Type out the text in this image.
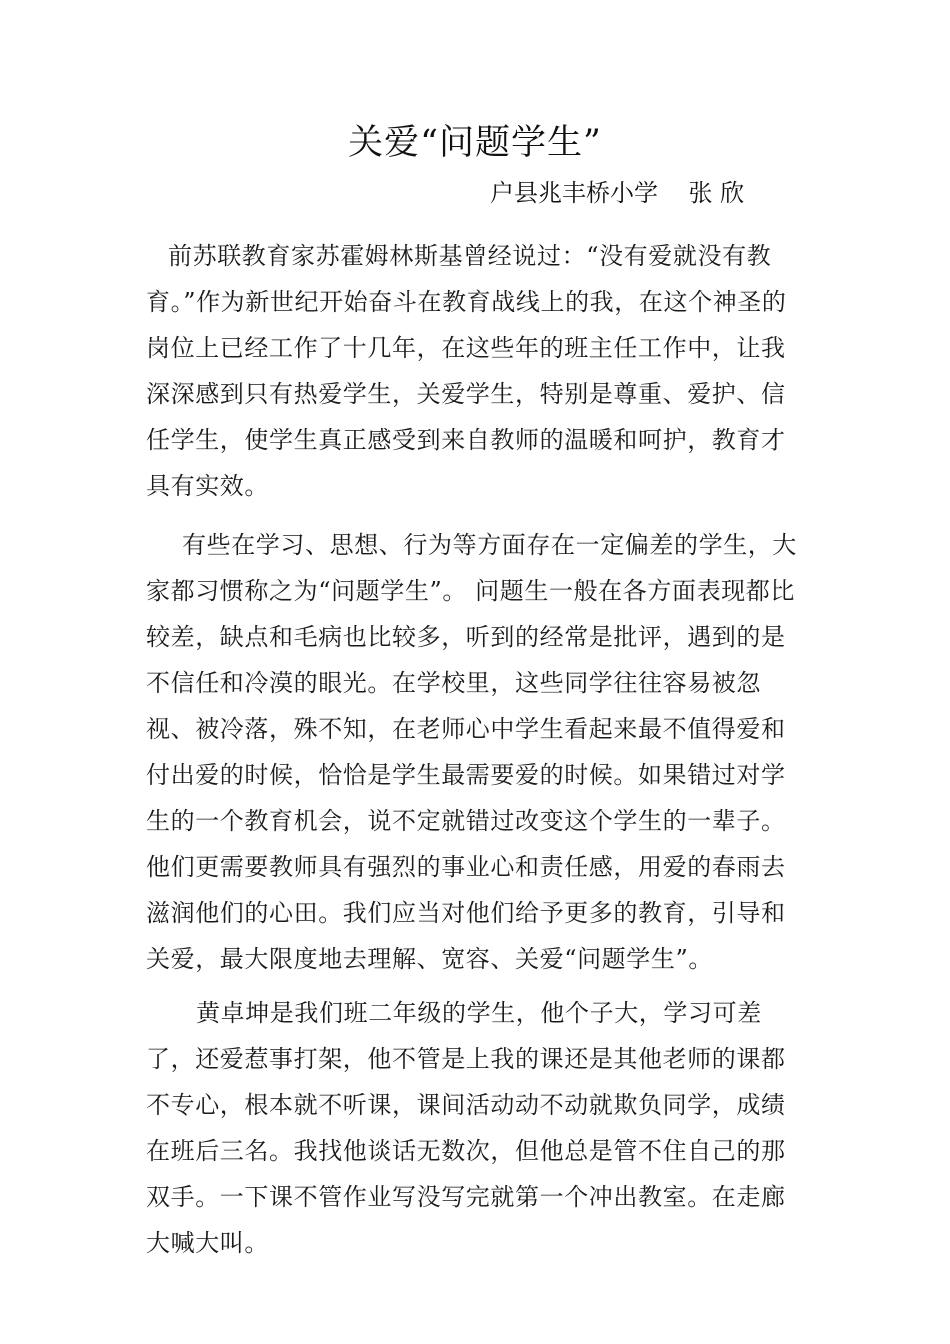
关爱“问题学生”
户县兆丰桥小学    张 欣

前苏联教育家苏霍姆林斯基曾经说过：“没有爱就没有教育。”作为新世纪开始奋斗在教育战线上的我，在这个神圣的岗位上已经工作了十几年，在这些年的班主任工作中，让我深深感到只有热爱学生，关爱学生，特别是尊重、爱护、信任学生，使学生真正感受到来自教师的温暖和呵护，教育才具有实效。

有些在学习、思想、行为等方面存在一定偏差的学生，大家都习惯称之为“问题学生”。 问题生一般在各方面表现都比较差，缺点和毛病也比较多，听到的经常是批评，遇到的是不信任和冷漠的眼光。在学校里，这些同学往往容易被忽视、被冷落，殊不知，在老师心中学生看起来最不值得爱和付出爱的时候，恰恰是学生最需要爱的时候。如果错过对学生的一个教育机会，说不定就错过改变这个学生的一辈子。他们更需要教师具有强烈的事业心和责任感，用爱的春雨去滋润他们的心田。我们应当对他们给予更多的教育，引导和关爱，最大限度地去理解、宽容、关爱“问题学生”。

黄卓坤是我们班二年级的学生，他个子大，学习可差了，还爱惹事打架，他不管是上我的课还是其他老师的课都不专心，根本就不听课，课间活动动不动就欺负同学，成绩在班后三名。我找他谈话无数次，但他总是管不住自己的那双手。一下课不管作业写没写完就第一个冲出教室。在走廊大喊大叫。
